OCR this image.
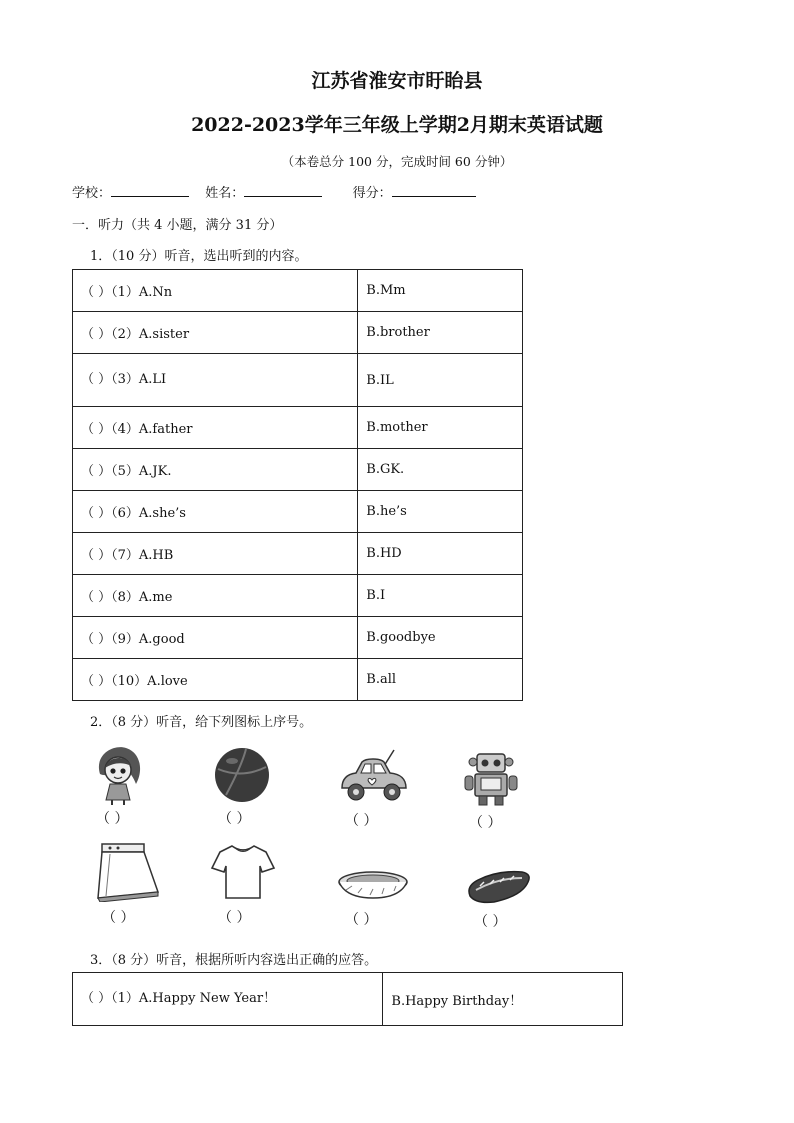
江苏省淮安市盱眙县
2022-2023学年三年级上学期2月期末英语试题
（本卷总分 100 分，完成时间 60 分钟）
学校：	姓名：	得分：
一．听力（共 4 小题，满分 31 分）
1．（10 分）听音，选出听到的内容。
（ ）（1）A.Nn	B.Mm
（ ）（2）A.sister	B.brother
（ ）（3）A.LI	B.IL
（ ）（4）A.father	B.mother
（ ）（5）A.JK.	B.GK.
（ ）（6）A.she’s	B.he’s
（ ）（7）A.HB	B.HD
（ ）（8）A.me	B.I
（ ）（9）A.good	B.goodbye
（ ）（10）A.love	B.all
2．（8 分）听音，给下列图标上序号。
（ ）	（ ）	（ ）	（ ）
（ ）	（ ）	（ ）	（ ）
3．（8 分）听音，根据所听内容选出正确的应答。
（ ）（1）A.Happy New Year！	B.Happy Birthday！
